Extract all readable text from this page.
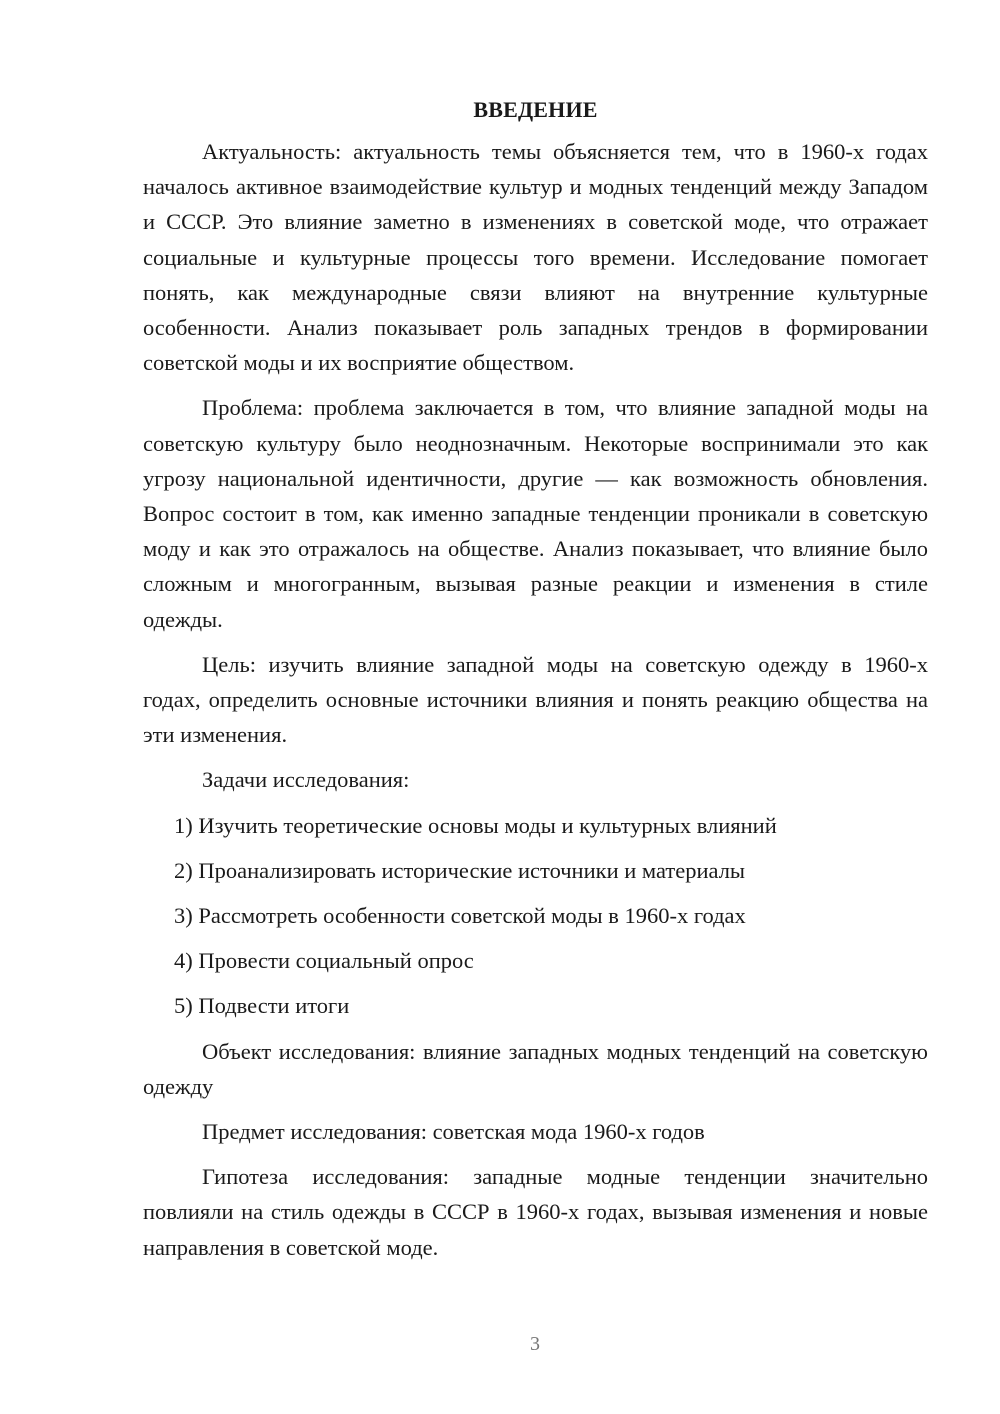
ВВЕДЕНИЕ

Актуальность: актуальность темы объясняется тем, что в 1960-х годах началось активное взаимодействие культур и модных тенденций между Западом и СССР. Это влияние заметно в изменениях в советской моде, что отражает социальные и культурные процессы того времени. Исследование помогает понять, как международные связи влияют на внутренние культурные особенности. Анализ показывает роль западных трендов в формировании советской моды и их восприятие обществом.

Проблема: проблема заключается в том, что влияние западной моды на советскую культуру было неоднозначным. Некоторые воспринимали это как угрозу национальной идентичности, другие — как возможность обновления. Вопрос состоит в том, как именно западные тенденции проникали в советскую моду и как это отражалось на обществе. Анализ показывает, что влияние было сложным и многогранным, вызывая разные реакции и изменения в стиле одежды.

Цель: изучить влияние западной моды на советскую одежду в 1960-х годах, определить основные источники влияния и понять реакцию общества на эти изменения.

Задачи исследования:

1) Изучить теоретические основы моды и культурных влияний
2) Проанализировать исторические источники и материалы
3) Рассмотреть особенности советской моды в 1960-х годах
4) Провести социальный опрос
5) Подвести итоги

Объект исследования: влияние западных модных тенденций на советскую одежду

Предмет исследования: советская мода 1960-х годов

Гипотеза исследования: западные модные тенденции значительно повлияли на стиль одежды в СССР в 1960-х годах, вызывая изменения и новые направления в советской моде.

3
